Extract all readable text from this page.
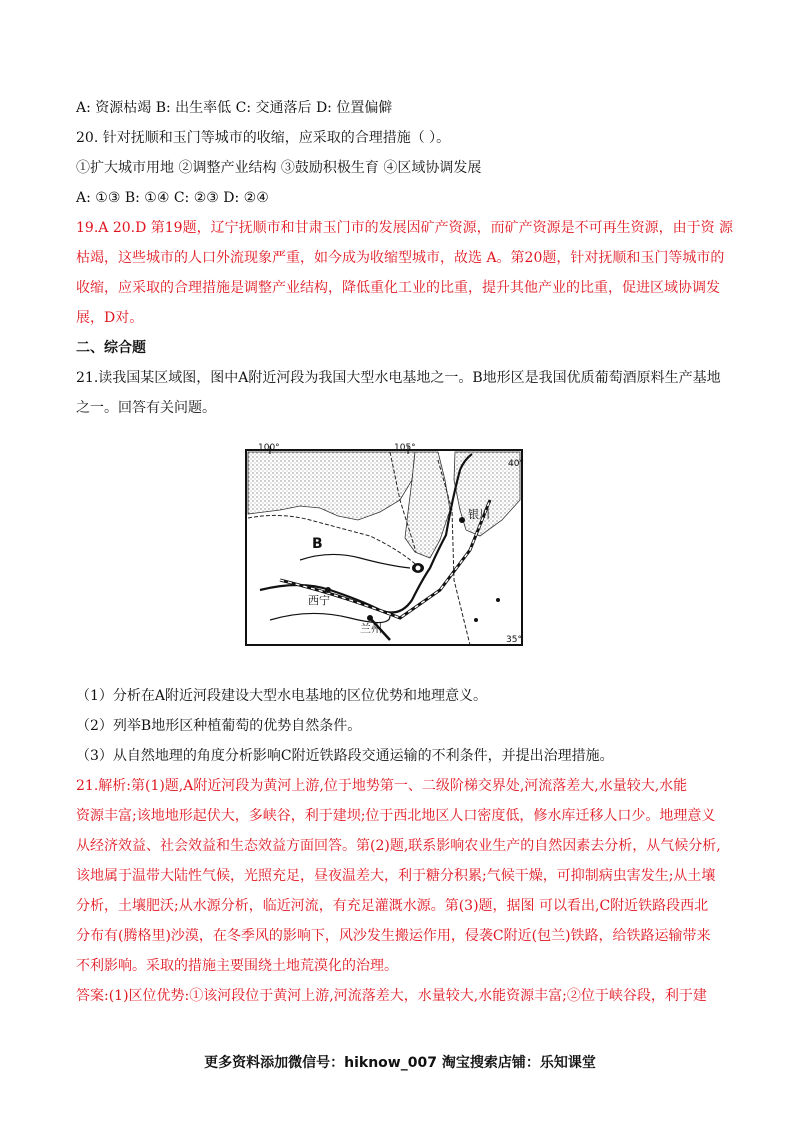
A: 资源枯竭 B: 出生率低 C: 交通落后 D: 位置偏僻
20. 针对抚顺和玉门等城市的收缩，应采取的合理措施（ ）。
①扩大城市用地 ②调整产业结构 ③鼓励积极生育 ④区域协调发展
A: ①③ B: ①④ C: ②③ D: ②④
19.A 20.D 第19题，辽宁抚顺市和甘肃玉门市的发展因矿产资源，而矿产资源是不可再生资源，由于资 源
枯竭，这些城市的人口外流现象严重，如今成为收缩型城市，故选 A。第20题，针对抚顺和玉门等城市的
收缩，应采取的合理措施是调整产业结构，降低重化工业的比重，提升其他产业的比重，促进区域协调发
展，D对。
二、综合题
21.读我国某区域图，图中A附近河段为我国大型水电基地之一。B地形区是我国优质葡萄酒原料生产基地
之一。回答有关问题。
100°	105°
40°
35°
B
银川
西宁
兰州
（1）分析在A附近河段建设大型水电基地的区位优势和地理意义。
（2）列举B地形区种植葡萄的优势自然条件。
（3）从自然地理的角度分析影响C附近铁路段交通运输的不利条件，并提出治理措施。
21.解析:第(1)题,A附近河段为黄河上游,位于地势第一、二级阶梯交界处,河流落差大,水量较大,水能
资源丰富;该地地形起伏大，多峡谷，利于建坝;位于西北地区人口密度低，修水库迁移人口少。地理意义
从经济效益、社会效益和生态效益方面回答。第(2)题,联系影响农业生产的自然因素去分析，从气候分析,
该地属于温带大陆性气候，光照充足，昼夜温差大，利于糖分积累;气候干燥，可抑制病虫害发生;从土壤
分析，土壤肥沃;从水源分析，临近河流，有充足灌溉水源。第(3)题，据图 可以看出,C附近铁路段西北
分布有(腾格里)沙漠，在冬季风的影响下，风沙发生搬运作用，侵袭C附近(包兰)铁路，给铁路运输带来
不利影响。采取的措施主要围绕土地荒漠化的治理。
答案:(1)区位优势:①该河段位于黄河上游,河流落差大，水量较大,水能资源丰富;②位于峡谷段，利于建
更多资料添加微信号：hiknow_007 淘宝搜索店铺：乐知课堂
